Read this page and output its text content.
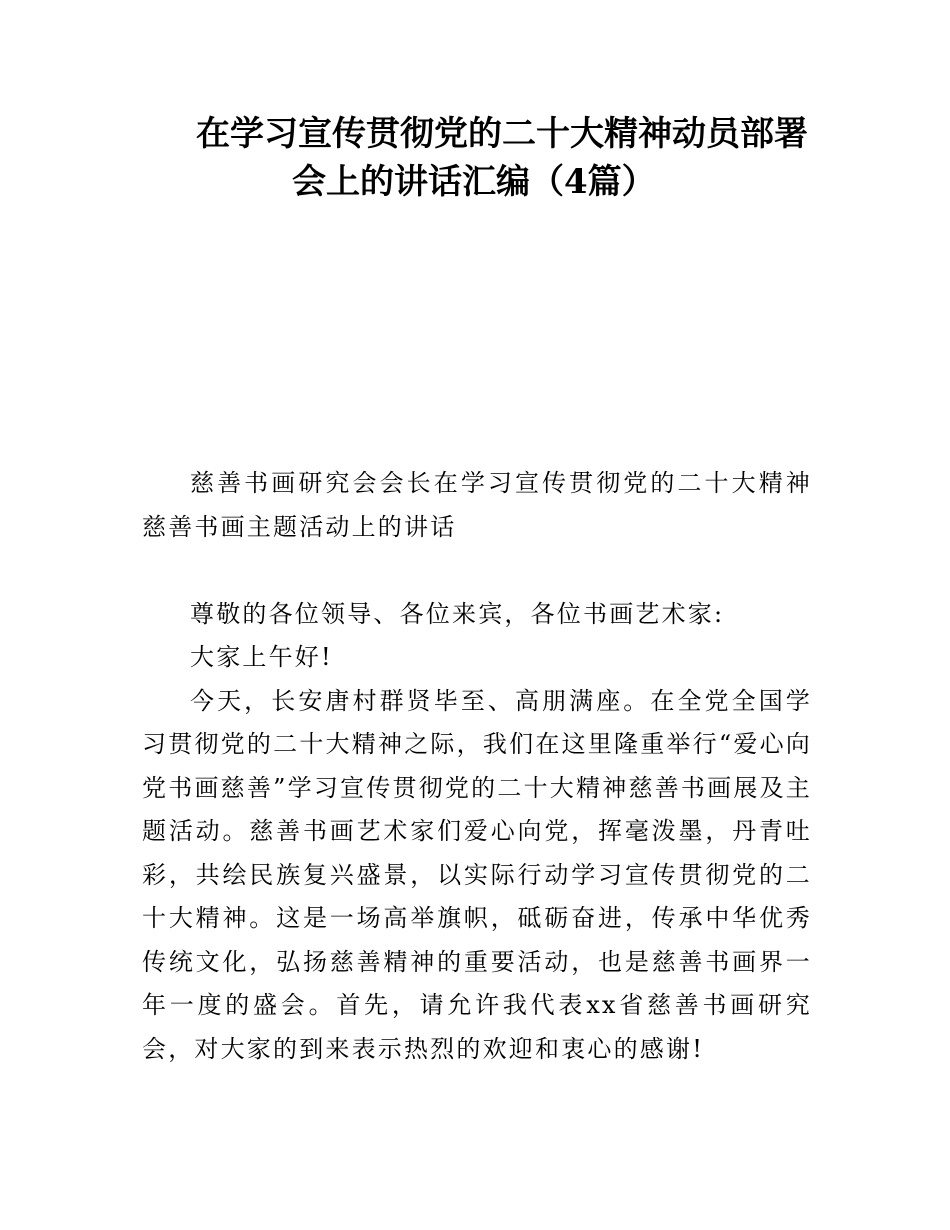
在学习宣传贯彻党的二十大精神动员部署
会上的讲话汇编（4篇）

慈善书画研究会会长在学习宣传贯彻党的二十大精神慈善书画主题活动上的讲话

尊敬的各位领导、各位来宾，各位书画艺术家:

大家上午好!

今天，长安唐村群贤毕至、高朋满座。在全党全国学习贯彻党的二十大精神之际，我们在这里隆重举行“爱心向党书画慈善”学习宣传贯彻党的二十大精神慈善书画展及主题活动。慈善书画艺术家们爱心向党，挥毫泼墨，丹青吐彩，共绘民族复兴盛景，以实际行动学习宣传贯彻党的二十大精神。这是一场高举旗帜，砥砺奋进，传承中华优秀传统文化，弘扬慈善精神的重要活动，也是慈善书画界一年一度的盛会。首先，请允许我代表xx省慈善书画研究会，对大家的到来表示热烈的欢迎和衷心的感谢!
